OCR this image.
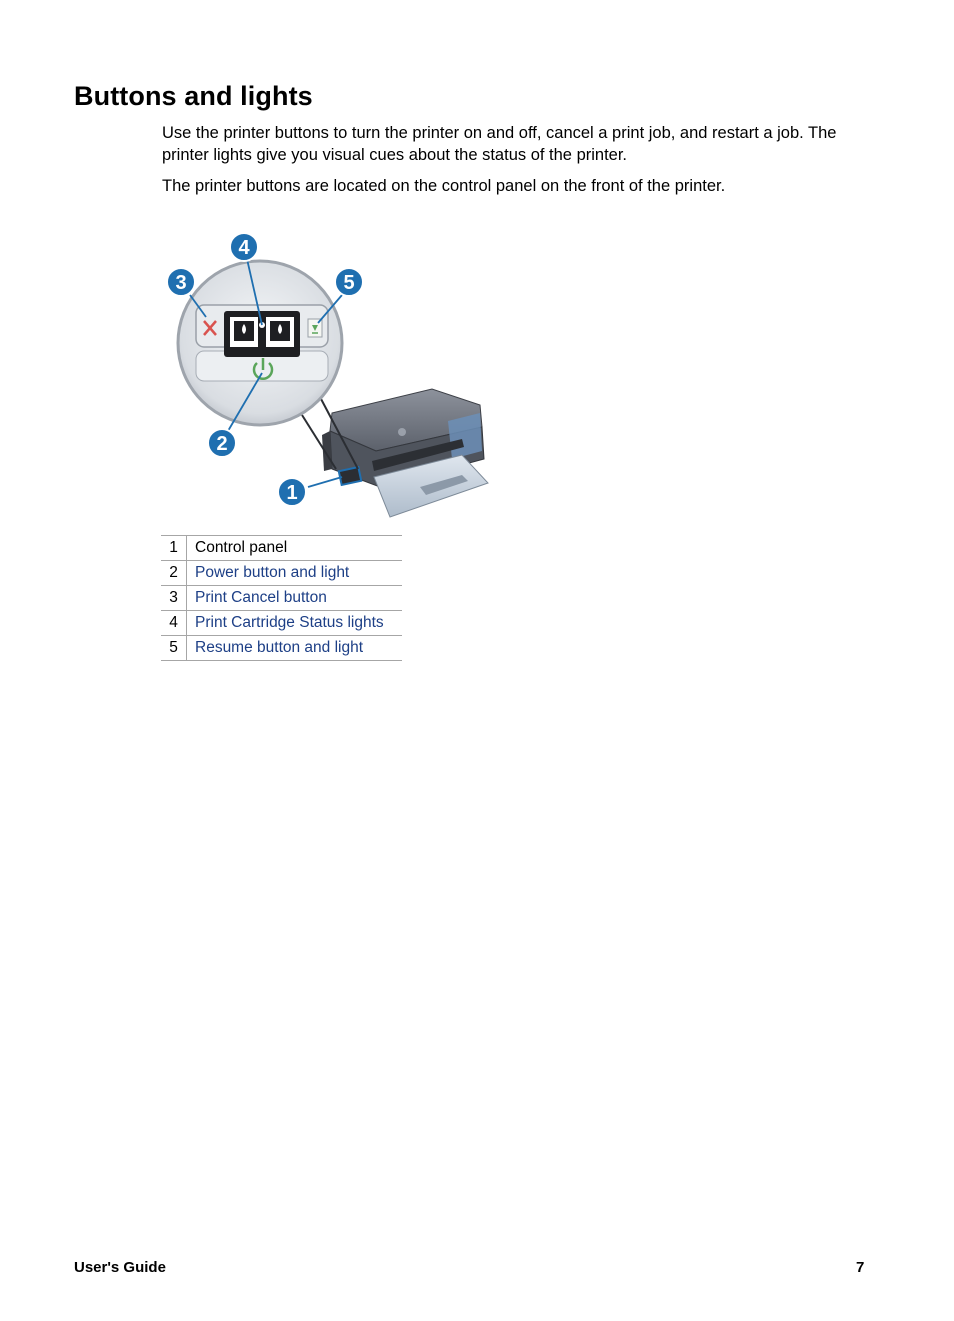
Buttons and lights

Use the printer buttons to turn the printer on and off, cancel a print job, and restart a job. The printer lights give you visual cues about the status of the printer.

The printer buttons are located on the control panel on the front of the printer.

4
3	5
2
1
1	Control panel
2	Power button and light
3	Print Cancel button
4	Print Cartridge Status lights
5	Resume button and light
User's Guide	7
